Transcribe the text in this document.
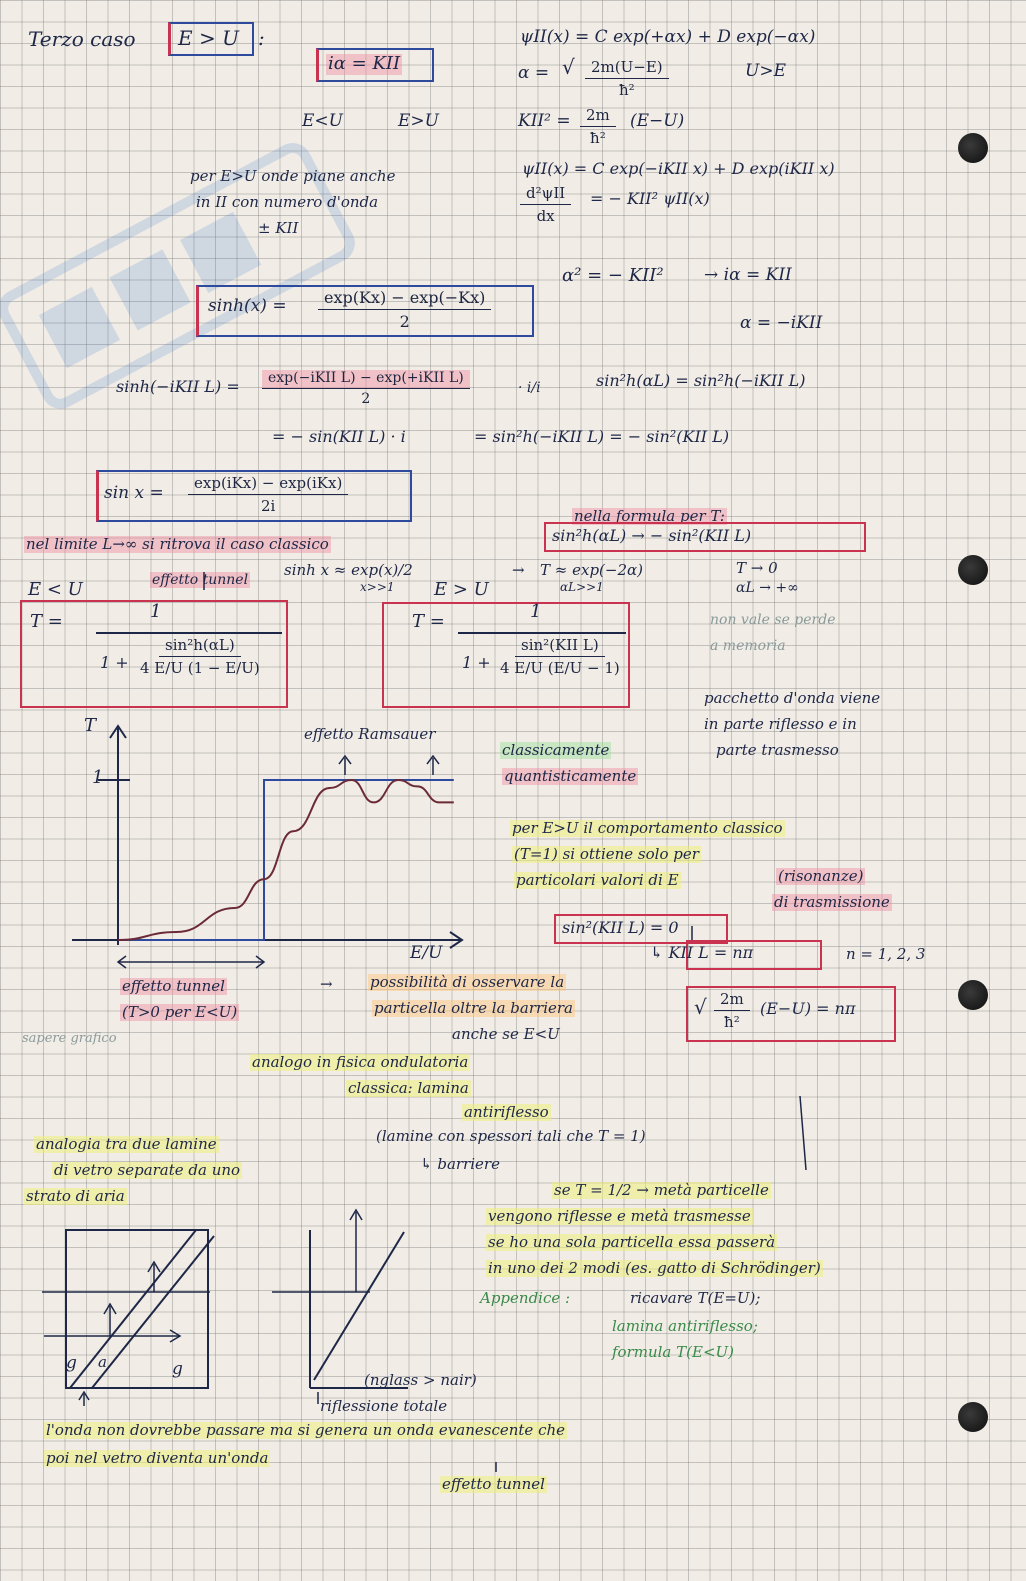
Terzo caso E > U :
iα = KII
E<U	E>U
per E>U onde piane anche
in II con numero d'onda
± KII
ψII(x) = C exp(+αx) + D exp(−αx)
α = √ $\frac{2m(U-E)}{\text{ħ²}}$	U>E
$KII^2 = \frac{2m}{\text{ħ²}} (E-U)$
ψII(x) = C exp(−iKII x) + D exp(iKII x)
d²ψII
dx
= − KII² ψII(x)
α² = − KII² → iα = KII
α = −iKII
$\sinh(x) = \frac{\exp(Kx) - \exp(-Kx)}{2}$
sinh(−iKII L) =	exp(−iKII L) − exp(+iKII L)
2
· i/i	sin²h(αL) = sin²h(−iKII L)
= − sin(KII L) · i	= sin²h(−iKII L) = − sin²(KII L)
sin x =	exp(iKx) − exp(iKx)
2i
nella formula per T:
sin²h(αL) → − sin²(KII L)
nel limite L→∞ si ritrova il caso classico
effetto tunnel
sinh x ≈ exp(x)/2
x>>1
→ T ≈ exp(−2α)
αL>>1
T → 0
αL → +∞
E < U
T =	1
$1 + \frac{\text{sin²h(αL)}}{4 E/U (1 - E/U)}$
E > U
T =	1
1 +
sin²(KII L)
4 E/U (E/U − 1)
non vale se perde
a memoria
pacchetto d'onda viene
in parte riflesso e in
parte trasmesso
T
1
E/U
effetto Ramsauer
classicamente
quantisticamente
per E>U il comportamento classico
(T=1) si ottiene solo per
particolari valori di E	(risonanze)
di trasmissione
sin²(KII L) = 0
↳ KII L = nπ	n = 1, 2, 3
√ $\frac{2m}{\text{ħ²}} (E-U) = n\pi$
effetto tunnel
(T>0 per E<U)
→ possibilità di osservare la
particella oltre la barriera
anche se E<U
sapere grafico
analogo in fisica ondulatoria
classica: lamina
antiriflesso
(lamine con spessori tali che T = 1)
↳ barriere
analogia tra due lamine
di vetro separate da uno
strato di aria	se T = 1/2 → metà particelle
vengono riflesse e metà trasmesse
se ho una sola particella essa passerà
in uno dei 2 modi (es. gatto di Schrödinger)
Appendice :	ricavare T(E=U);
lamina antiriflesso;
formula T(E<U)
g a	g
(nglass > nair)
riflessione totale
l'onda non dovrebbe passare ma si genera un onda evanescente che
poi nel vetro diventa un'onda
effetto tunnel
